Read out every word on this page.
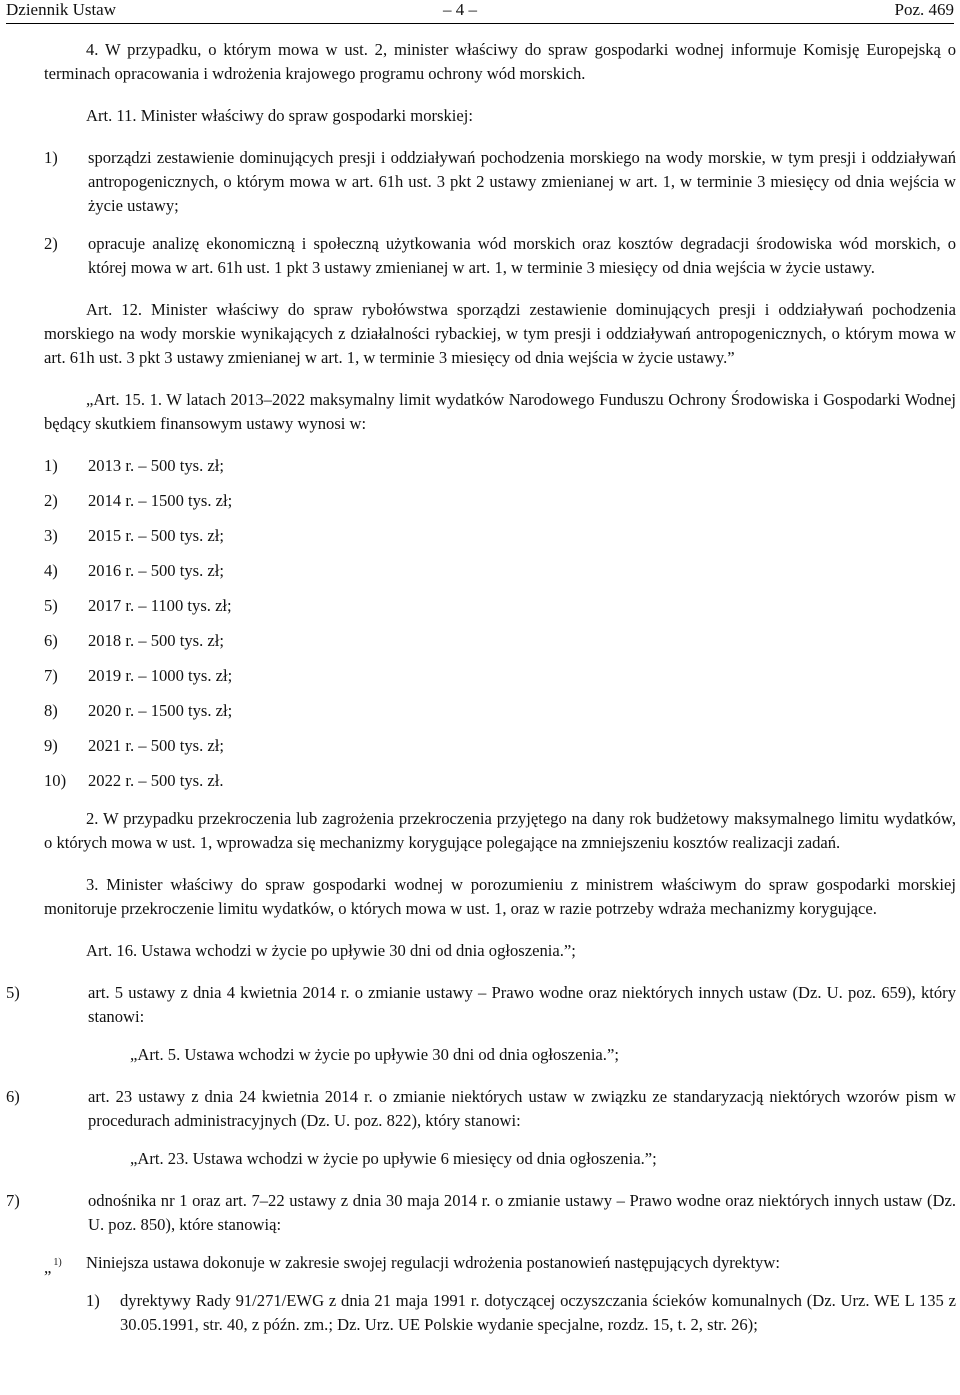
Dziennik Ustaw	– 4 –	Poz. 469

4. W przypadku, o którym mowa w ust. 2, minister właściwy do spraw gospodarki wodnej informuje Komisję Europejską o terminach opracowania i wdrożenia krajowego programu ochrony wód morskich.

Art. 11. Minister właściwy do spraw gospodarki morskiej:

1) sporządzi zestawienie dominujących presji i oddziaływań pochodzenia morskiego na wody morskie, w tym presji i oddziaływań antropogenicznych, o którym mowa w art. 61h ust. 3 pkt 2 ustawy zmienianej w art. 1, w terminie 3 miesięcy od dnia wejścia w życie ustawy;
2) opracuje analizę ekonomiczną i społeczną użytkowania wód morskich oraz kosztów degradacji środowiska wód morskich, o której mowa w art. 61h ust. 1 pkt 3 ustawy zmienianej w art. 1, w terminie 3 miesięcy od dnia wejścia w życie ustawy.

Art. 12. Minister właściwy do spraw rybołówstwa sporządzi zestawienie dominujących presji i oddziaływań pochodzenia morskiego na wody morskie wynikających z działalności rybackiej, w tym presji i oddziaływań antropogenicznych, o którym mowa w art. 61h ust. 3 pkt 3 ustawy zmienianej w art. 1, w terminie 3 miesięcy od dnia wejścia w życie ustawy.”

„Art. 15. 1. W latach 2013–2022 maksymalny limit wydatków Narodowego Funduszu Ochrony Środowiska i Gospodarki Wodnej będący skutkiem finansowym ustawy wynosi w:

1) 2013 r. – 500 tys. zł;
2) 2014 r. – 1500 tys. zł;
3) 2015 r. – 500 tys. zł;
4) 2016 r. – 500 tys. zł;
5) 2017 r. – 1100 tys. zł;
6) 2018 r. – 500 tys. zł;
7) 2019 r. – 1000 tys. zł;
8) 2020 r. – 1500 tys. zł;
9) 2021 r. – 500 tys. zł;
10) 2022 r. – 500 tys. zł.

2. W przypadku przekroczenia lub zagrożenia przekroczenia przyjętego na dany rok budżetowy maksymalnego limitu wydatków, o których mowa w ust. 1, wprowadza się mechanizmy korygujące polegające na zmniejszeniu kosztów realizacji zadań.

3. Minister właściwy do spraw gospodarki wodnej w porozumieniu z ministrem właściwym do spraw gospodarki morskiej monitoruje przekroczenie limitu wydatków, o których mowa w ust. 1, oraz w razie potrzeby wdraża mechanizmy korygujące.

Art. 16. Ustawa wchodzi w życie po upływie 30 dni od dnia ogłoszenia.”;

5)	art. 5 ustawy z dnia 4 kwietnia 2014 r. o zmianie ustawy – Prawo wodne oraz niektórych innych ustaw (Dz. U. poz. 659), który stanowi:
„Art. 5. Ustawa wchodzi w życie po upływie 30 dni od dnia ogłoszenia.”;
6)	art. 23 ustawy z dnia 24 kwietnia 2014 r. o zmianie niektórych ustaw w związku ze standaryzacją niektórych wzorów pism w procedurach administracyjnych (Dz. U. poz. 822), który stanowi:
„Art. 23. Ustawa wchodzi w życie po upływie 6 miesięcy od dnia ogłoszenia.”;
7)	odnośnika nr 1 oraz art. 7–22 ustawy z dnia 30 maja 2014 r. o zmianie ustawy – Prawo wodne oraz niektórych innych ustaw (Dz. U. poz. 850), które stanowią:
„ $^{1)}$ Niniejsza ustawa dokonuje w zakresie swojej regulacji wdrożenia postanowień następujących dyrektyw:
1) dyrektywy Rady 91/271/EWG z dnia 21 maja 1991 r. dotyczącej oczyszczania ścieków komunalnych (Dz. Urz. WE L 135 z 30.05.1991, str. 40, z późn. zm.; Dz. Urz. UE Polskie wydanie specjalne, rozdz. 15, t. 2, str. 26);
